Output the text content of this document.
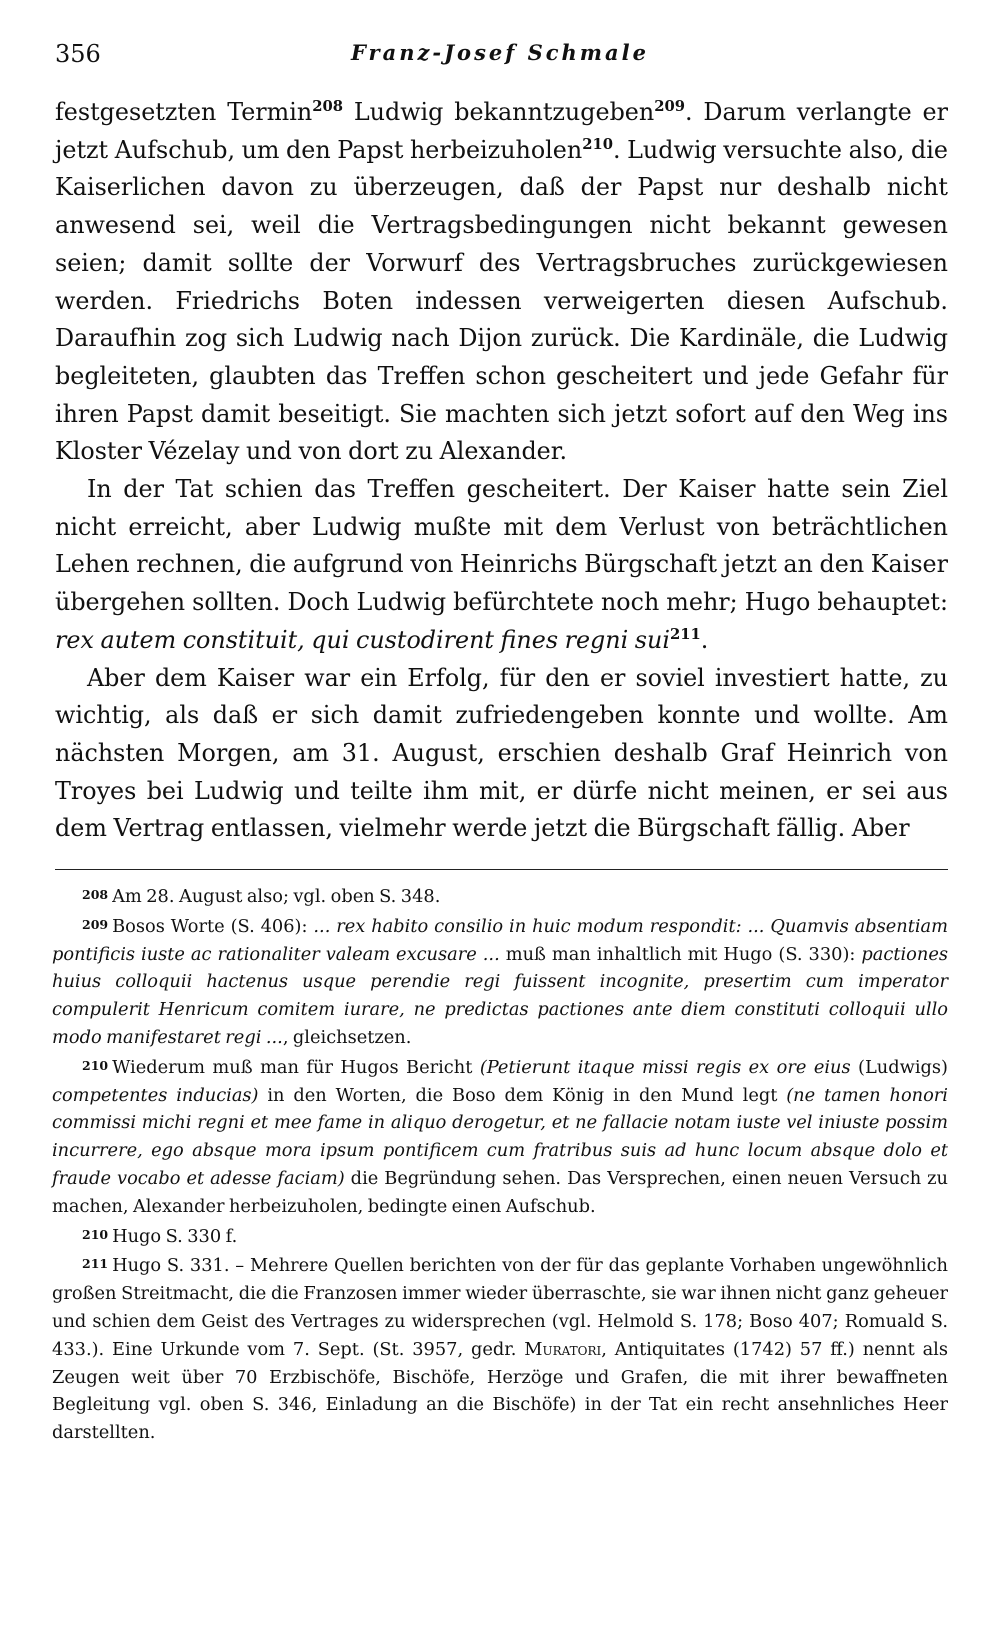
356	Franz-Josef Schmale

festgesetzten Termin$^{208}$ Ludwig bekanntzugeben$^{209}$. Darum verlangte er jetzt Aufschub, um den Papst herbeizuholen$^{210}$. Ludwig versuchte also, die Kaiserlichen davon zu überzeugen, daß der Papst nur deshalb nicht anwesend sei, weil die Vertragsbedingungen nicht bekannt gewesen seien; damit sollte der Vorwurf des Vertragsbruches zurückgewiesen werden. Friedrichs Boten indessen verweigerten diesen Aufschub. Daraufhin zog sich Ludwig nach Dijon zurück. Die Kardinäle, die Ludwig begleiteten, glaubten das Treffen schon gescheitert und jede Gefahr für ihren Papst damit beseitigt. Sie machten sich jetzt sofort auf den Weg ins Kloster Vézelay und von dort zu Alexander.

In der Tat schien das Treffen gescheitert. Der Kaiser hatte sein Ziel nicht erreicht, aber Ludwig mußte mit dem Verlust von beträchtlichen Lehen rechnen, die aufgrund von Heinrichs Bürgschaft jetzt an den Kaiser übergehen sollten. Doch Ludwig befürchtete noch mehr; Hugo behauptet: rex autem constituit, qui custodirent fines regni sui$^{211}$.

Aber dem Kaiser war ein Erfolg, für den er soviel investiert hatte, zu wichtig, als daß er sich damit zufriedengeben konnte und wollte. Am nächsten Morgen, am 31. August, erschien deshalb Graf Heinrich von Troyes bei Ludwig und teilte ihm mit, er dürfe nicht meinen, er sei aus dem Vertrag entlassen, vielmehr werde jetzt die Bürgschaft fällig. Aber

208 Am 28. August also; vgl. oben S. 348.

209 Bosos Worte (S. 406): ... rex habito consilio in huic modum respondit: ... Quamvis absentiam pontificis iuste ac rationaliter valeam excusare ... muß man inhaltlich mit Hugo (S. 330): pactiones huius colloquii hactenus usque perendie regi fuissent incognite, presertim cum imperator compulerit Henricum comitem iurare, ne predictas pactiones ante diem constituti colloquii ullo modo manifestaret regi ..., gleichsetzen.

210 Wiederum muß man für Hugos Bericht (Petierunt itaque missi regis ex ore eius (Ludwigs) competentes inducias) in den Worten, die Boso dem König in den Mund legt (ne tamen honori commissi michi regni et mee fame in aliquo derogetur, et ne fallacie notam iuste vel iniuste possim incurrere, ego absque mora ipsum pontificem cum fratribus suis ad hunc locum absque dolo et fraude vocabo et adesse faciam) die Begründung sehen. Das Versprechen, einen neuen Versuch zu machen, Alexander herbeizuholen, bedingte einen Aufschub.

210 Hugo S. 330 f.

211 Hugo S. 331. – Mehrere Quellen berichten von der für das geplante Vorhaben ungewöhnlich großen Streitmacht, die die Franzosen immer wieder überraschte, sie war ihnen nicht ganz geheuer und schien dem Geist des Vertrages zu widersprechen (vgl. Helmold S. 178; Boso 407; Romuald S. 433.). Eine Urkunde vom 7. Sept. (St. 3957, gedr. Muratori, Antiquitates (1742) 57 ff.) nennt als Zeugen weit über 70 Erzbischöfe, Bischöfe, Herzöge und Grafen, die mit ihrer bewaffneten Begleitung vgl. oben S. 346, Einladung an die Bischöfe) in der Tat ein recht ansehnliches Heer darstellten.
